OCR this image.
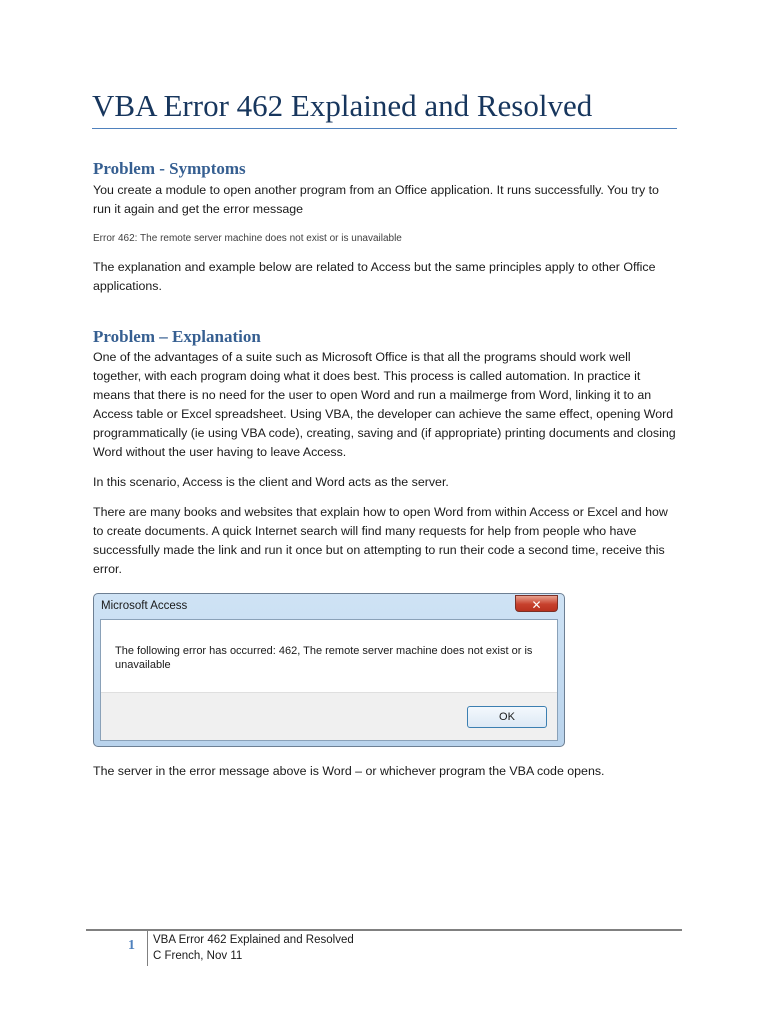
VBA Error 462 Explained and Resolved
Problem - Symptoms

You create a module to open another program from an Office application. It runs successfully. You try to run it again and get the error message

Error 462: The remote server machine does not exist or is unavailable

The explanation and example below are related to Access but the same principles apply to other Office applications.

Problem – Explanation

One of the advantages of a suite such as Microsoft Office is that all the programs should work well together, with each program doing what it does best. This process is called automation. In practice it means that there is no need for the user to open Word and run a mailmerge from Word, linking it to an Access table or Excel spreadsheet. Using VBA, the developer can achieve the same effect, opening Word programmatically (ie using VBA code), creating, saving and (if appropriate) printing documents and closing Word without the user having to leave Access.

In this scenario, Access is the client and Word acts as the server.

There are many books and websites that explain how to open Word from within Access or Excel and how to create documents. A quick Internet search will find many requests for help from people who have successfully made the link and run it once but on attempting to run their code a second time, receive this error.

Microsoft Access	✕

The following error has occurred: 462, The remote server machine does not exist or is unavailable

OK

The server in the error message above is Word – or whichever program the VBA code opens.

1 VBA Error 462 Explained and Resolved
C French, Nov 11
